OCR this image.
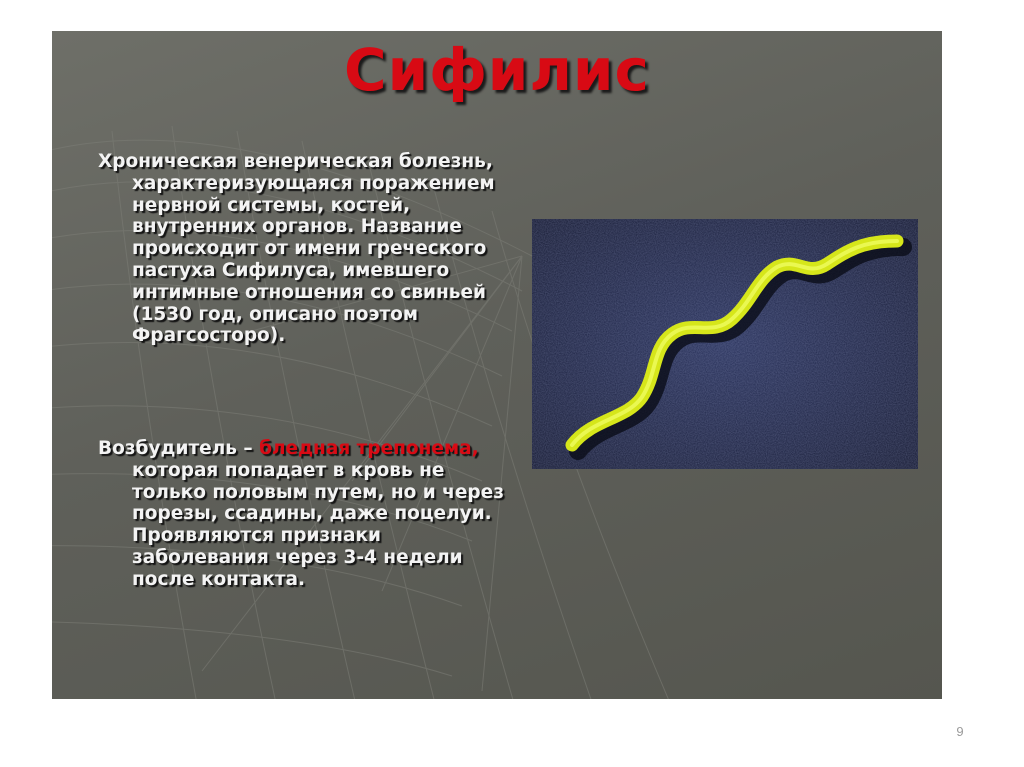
Сифилис

Хроническая венерическая болезнь, характеризующаяся поражением нервной системы, костей, внутренних органов. Название происходит от имени греческого пастуха Сифилуса, имевшего интимные отношения со свиньей (1530 год, описано поэтом Фрагсосторо).

Возбудитель – бледная трепонема, которая попадает в кровь не только половым путем, но и через порезы, ссадины, даже поцелуи. Проявляются признаки заболевания через 3-4 недели после контакта.

9
